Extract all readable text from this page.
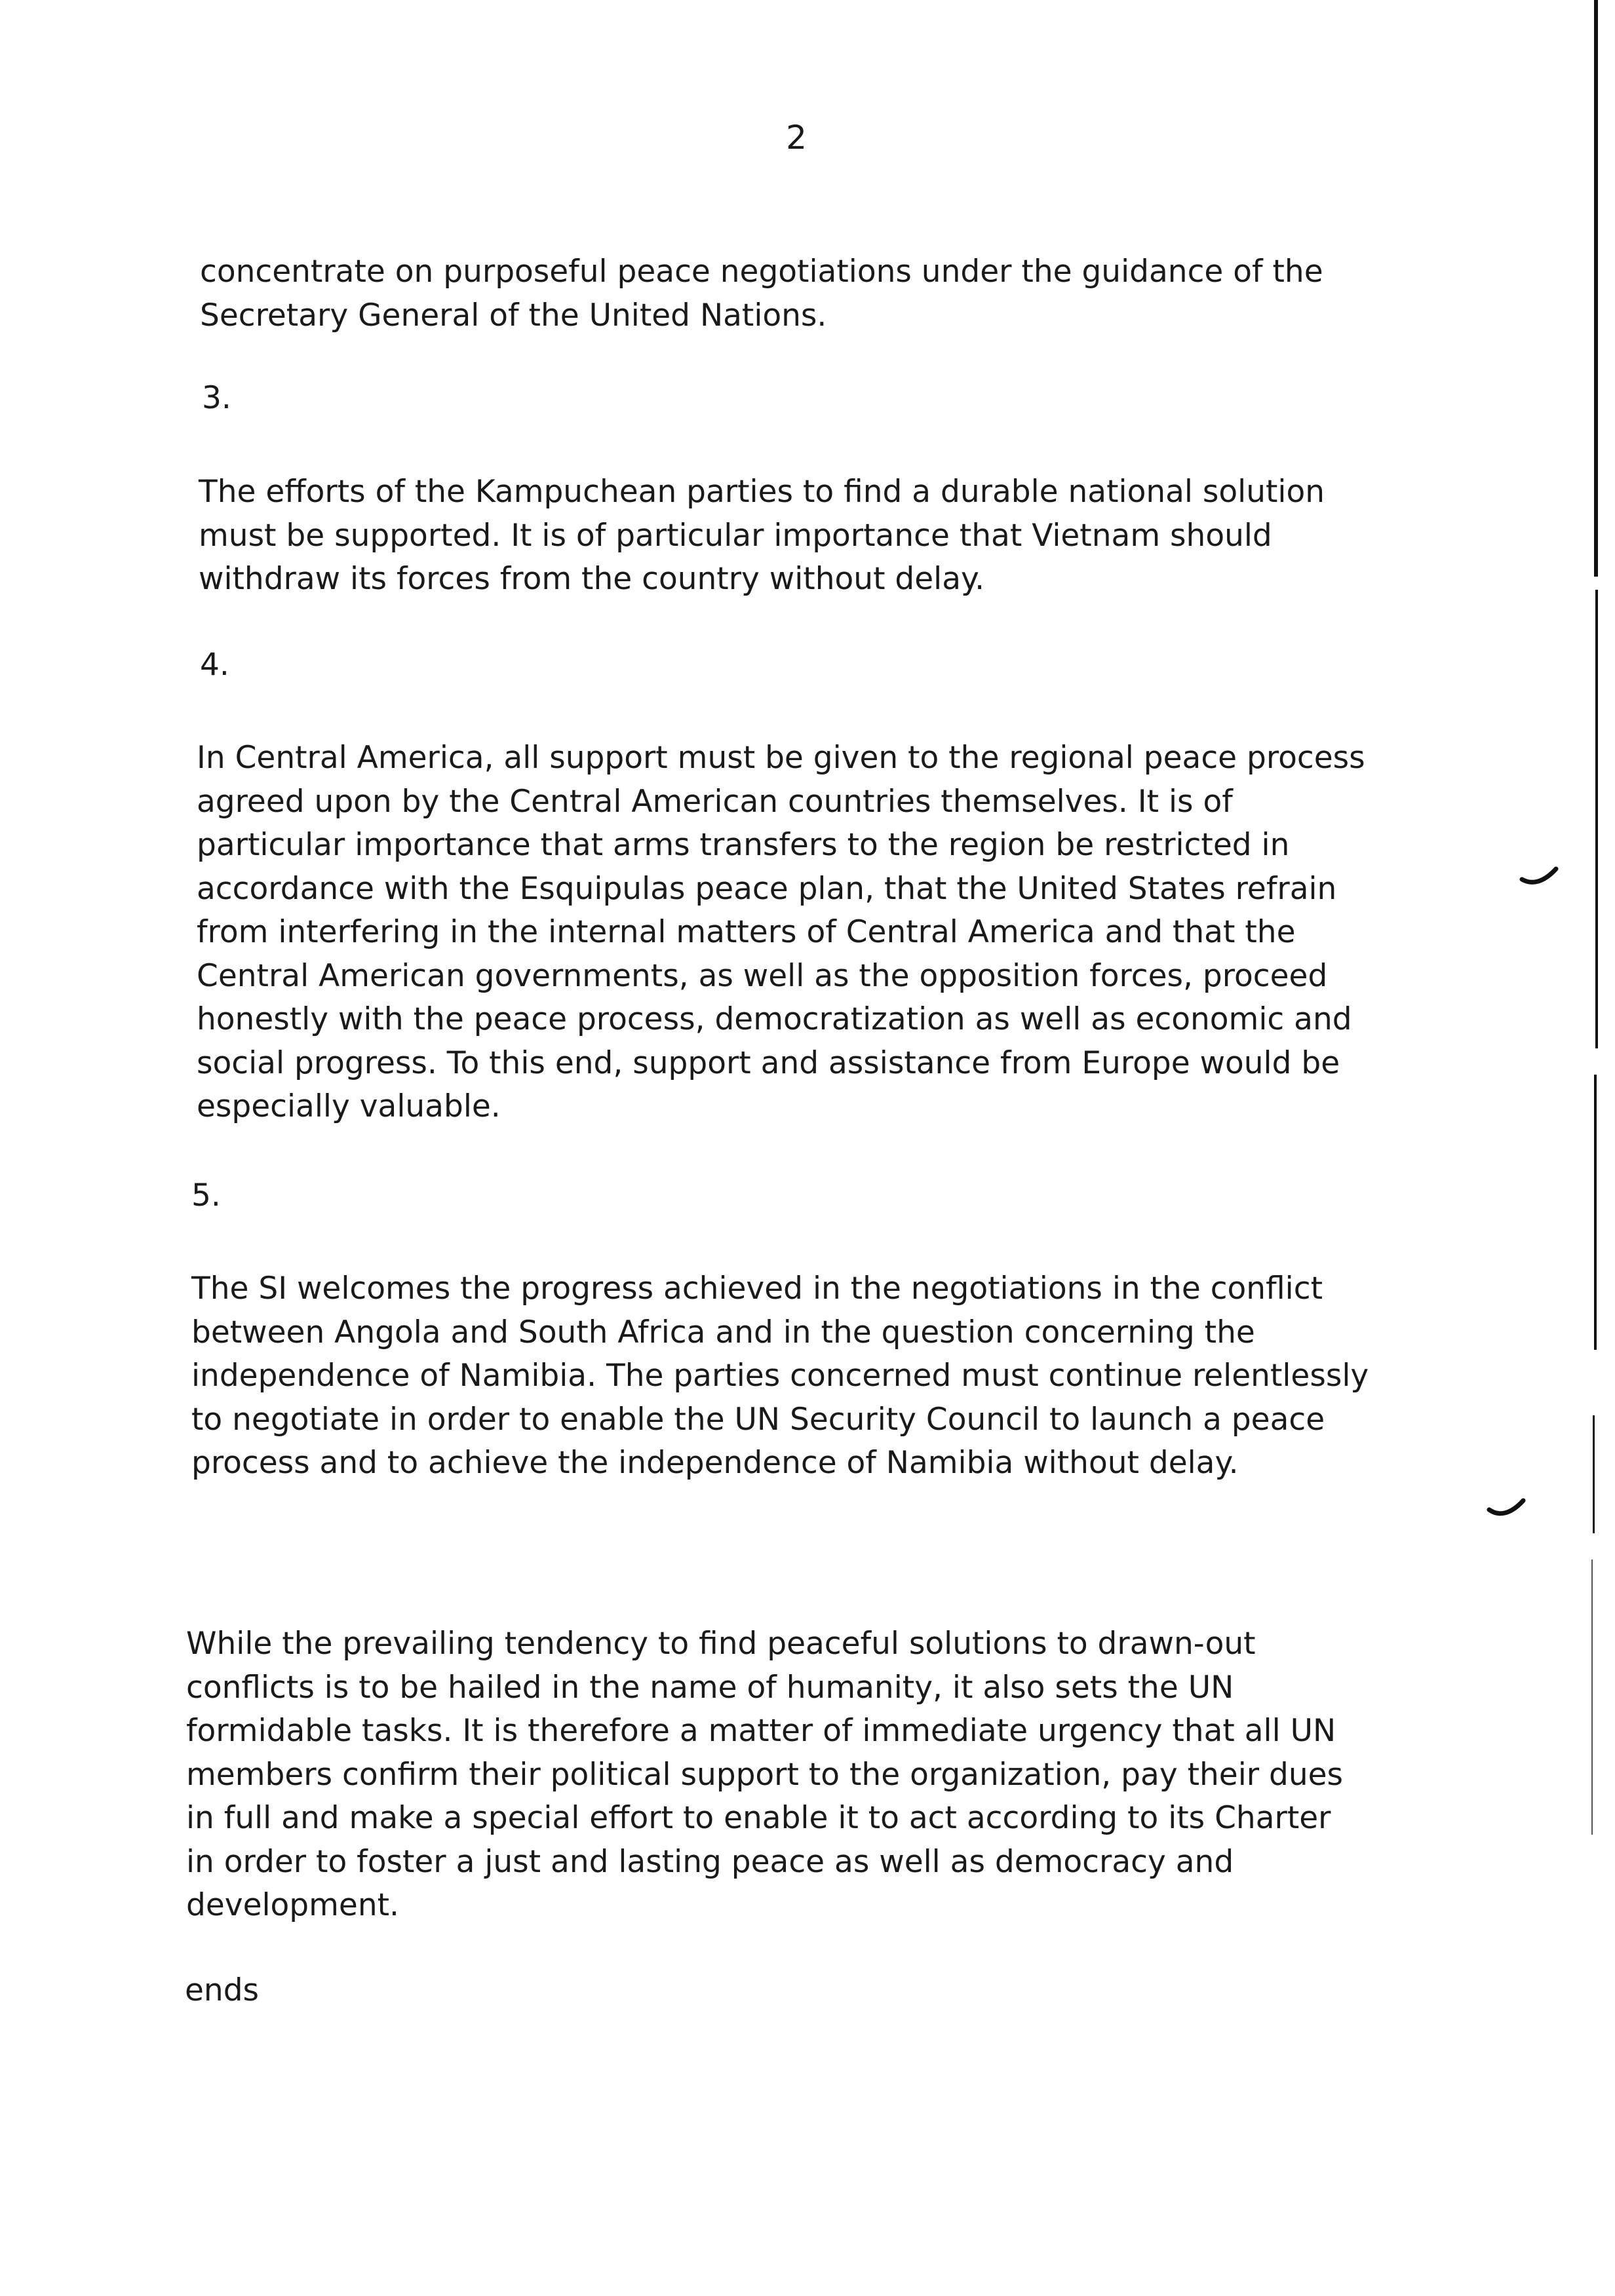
2
concentrate on purposeful peace negotiations under the guidance of the
Secretary General of the United Nations.
3.
The efforts of the Kampuchean parties to find a durable national solution
must be supported. It is of particular importance that Vietnam should
withdraw its forces from the country without delay.
4.
In Central America, all support must be given to the regional peace process
agreed upon by the Central American countries themselves. It is of
particular importance that arms transfers to the region be restricted in
accordance with the Esquipulas peace plan, that the United States refrain
from interfering in the internal matters of Central America and that the
Central American governments, as well as the opposition forces, proceed
honestly with the peace process, democratization as well as economic and
social progress. To this end, support and assistance from Europe would be
especially valuable.
5.
The SI welcomes the progress achieved in the negotiations in the conflict
between Angola and South Africa and in the question concerning the
independence of Namibia. The parties concerned must continue relentlessly
to negotiate in order to enable the UN Security Council to launch a peace
process and to achieve the independence of Namibia without delay.
While the prevailing tendency to find peaceful solutions to drawn-out
conflicts is to be hailed in the name of humanity, it also sets the UN
formidable tasks. It is therefore a matter of immediate urgency that all UN
members confirm their political support to the organization, pay their dues
in full and make a special effort to enable it to act according to its Charter
in order to foster a just and lasting peace as well as democracy and
development.
ends
